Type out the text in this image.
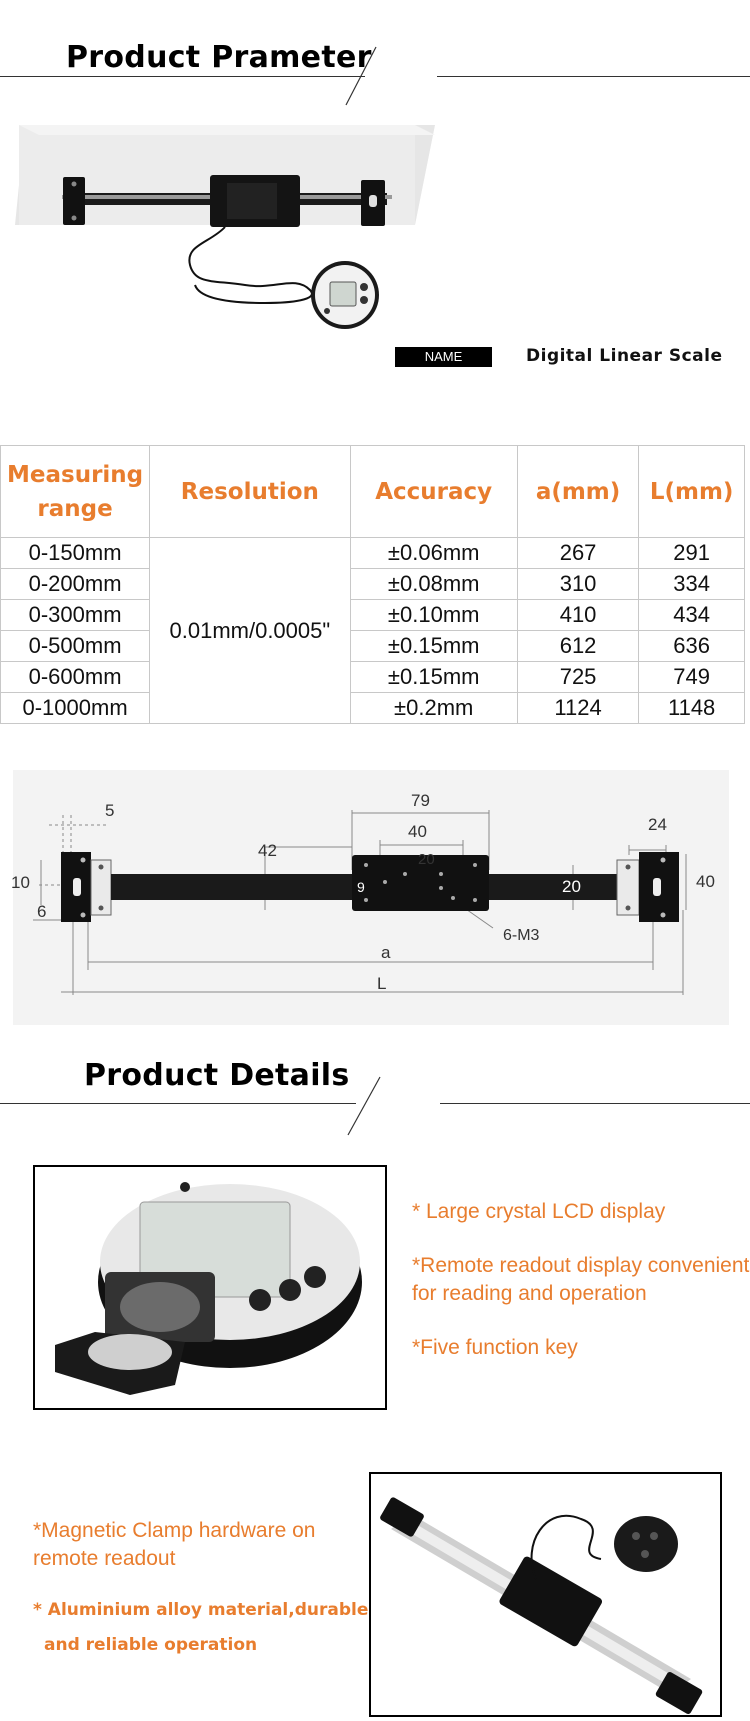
Product Prameter
NAME	Digital Linear Scale
Measuring range	Resolution	Accuracy	a(mm)	L(mm)
0-150mm	0.01mm/0.0005"	±0.06mm	267	291
0-200mm		±0.08mm	310	334
0-300mm		±0.10mm	410	434
0-500mm		±0.15mm	612	636
0-600mm		±0.15mm	725	749
0-1000mm		±0.2mm	1124	1148
5
79
24
40
40
20
42
10	9	20
6
6-M3
a
L
Product Details
* Large crystal LCD display
*Remote readout display convenient
for reading and operation
*Five function key
*Magnetic Clamp hardware on
remote readout
* Aluminium alloy material,durable
and reliable operation
